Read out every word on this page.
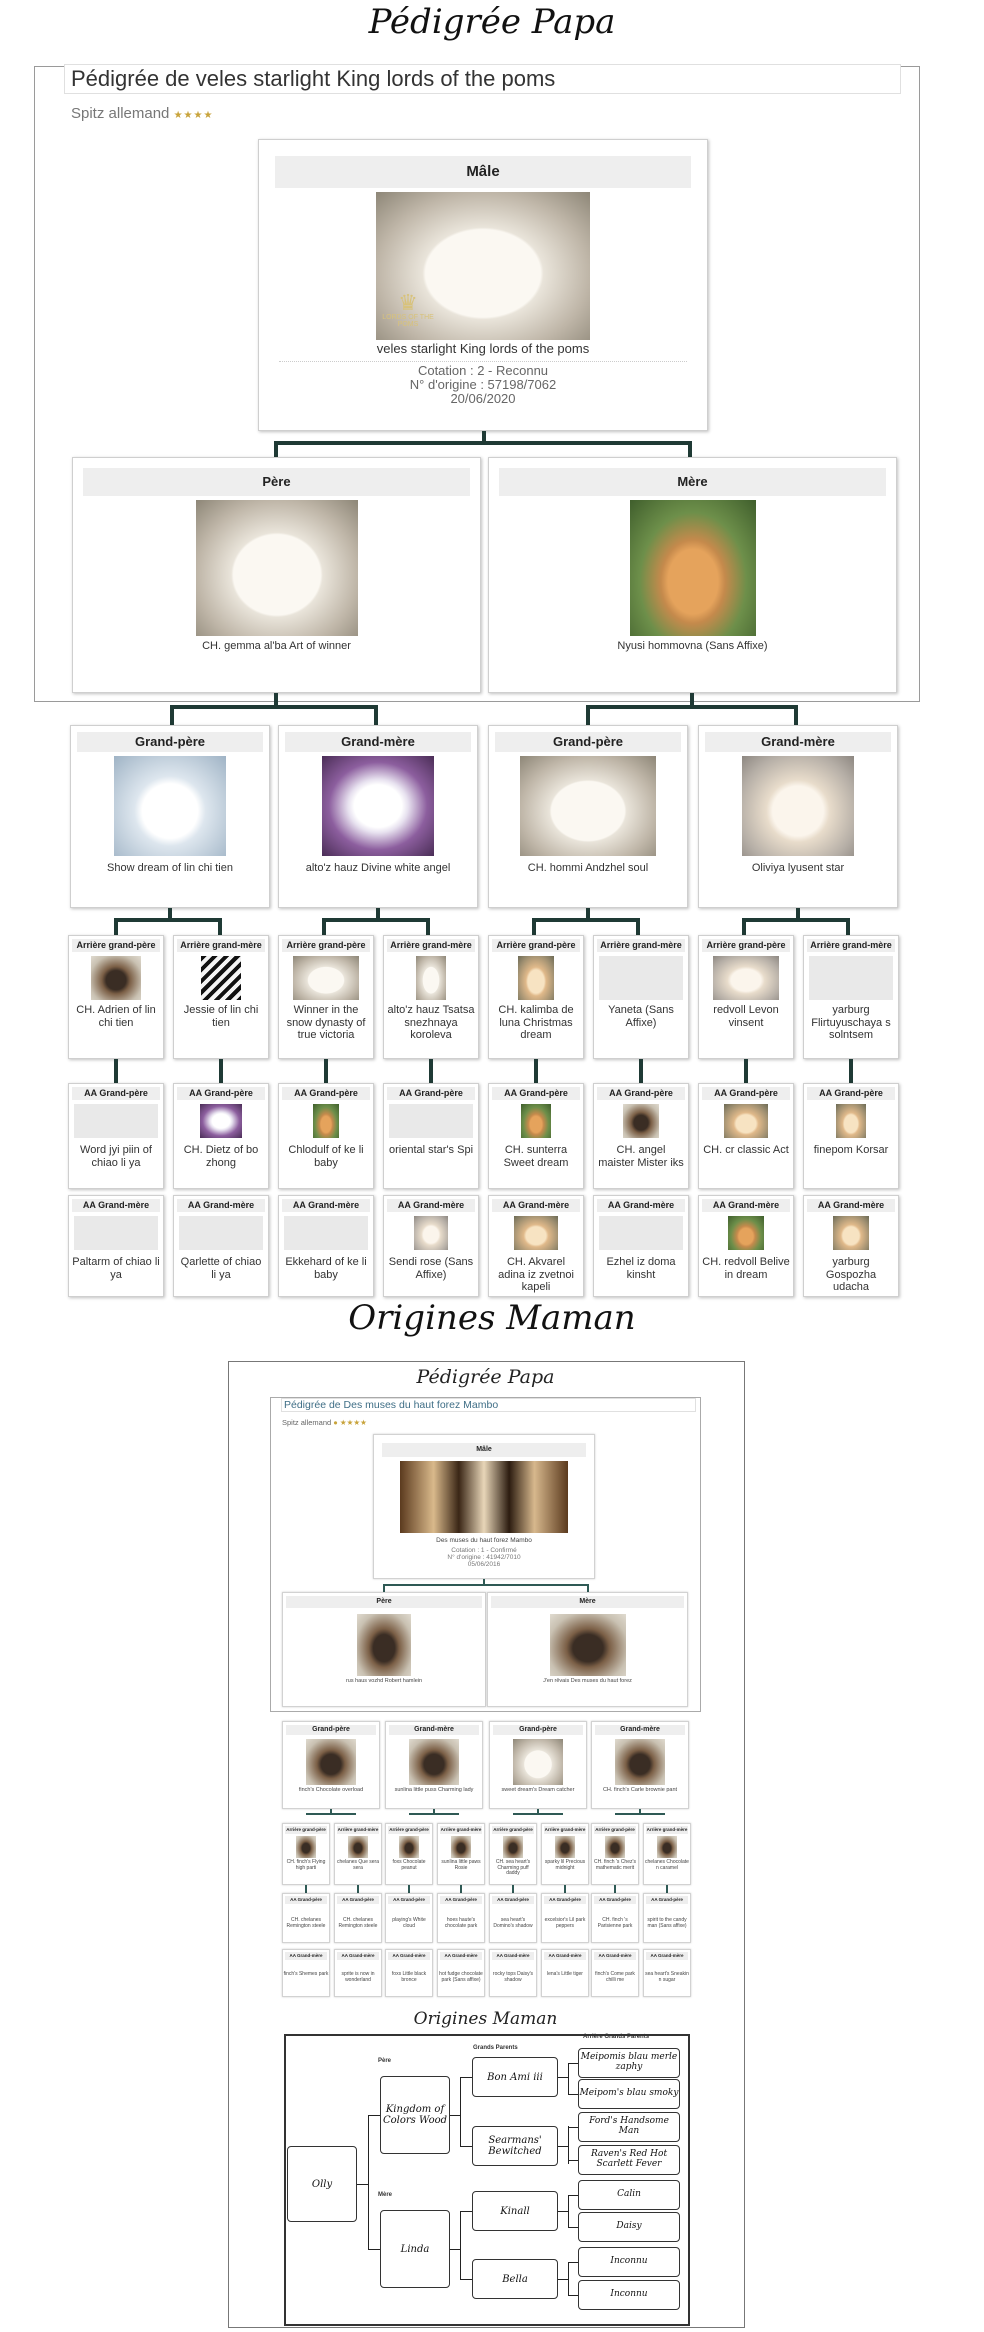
Pédigrée Papa
Pédigrée de veles starlight King lords of the poms
Spitz allemand ★★★★
Mâle
♛
LORDS OF THE POMS
veles starlight King lords of the poms
Cotation : 2 - Reconnu
N° d'origine : 57198/7062
20/06/2020
Père
CH. gemma al'ba Art of winner
Mère
Nyusi hommovna (Sans Affixe)
Grand-père
Show dream of lin chi tien
Grand-mère
alto'z hauz Divine white angel
Grand-père
CH. hommi Andzhel soul
Grand-mère
Oliviya lyusent star
Arrière grand-père
CH. Adrien of lin chi tien
Arrière grand-mère
Jessie of lin chi tien
Arrière grand-père
Winner in the snow dynasty of true victoria
Arrière grand-mère
alto'z hauz Tsatsa snezhnaya koroleva
Arrière grand-père
CH. kalimba de luna Christmas dream
Arrière grand-mère
Yaneta (Sans Affixe)
Arrière grand-père
redvoll Levon vinsent
Arrière grand-mère
yarburg Flirtuyuschaya s solntsem
AA Grand-père
Word jyi piin of chiao li ya
AA Grand-père
CH. Dietz of bo zhong
AA Grand-père
Chlodulf of ke li baby
AA Grand-père
oriental star's Spi
AA Grand-père
CH. sunterra Sweet dream
AA Grand-père
CH. angel maister Mister iks
AA Grand-père
CH. cr classic Act
AA Grand-père
finepom Korsar
AA Grand-mère
Paltarm of chiao li ya
AA Grand-mère
Qarlette of chiao li ya
AA Grand-mère
Ekkehard of ke li baby
AA Grand-mère
Sendi rose (Sans Affixe)
AA Grand-mère
CH. Akvarel adina iz zvetnoi kapeli
AA Grand-mère
Ezhel iz doma kinsht
AA Grand-mère
CH. redvoll Belive in dream
AA Grand-mère
yarburg Gospozha udacha
Origines Maman
Pédigrée Papa
Pédigrée de Des muses du haut forez Mambo
Spitz allemand ● ★★★★
Mâle
Des muses du haut forez Mambo
Cotation : 1 - Confirmé
N° d'origine : 41942/7010
05/06/2016
Père
rus haus vozhd Robert hamlein
Mère
J'en rêvais Des muses du haut forez
Grand-père
finch's Chocolate overload
Grand-mère
sunlina little puss Charming lady
Grand-père
sweet dream's Dream catcher
Grand-mère
CH. finch's Carle brownie pant
Arrière grand-père
CH. finch's Flying high parti
AA Grand-père
CH. chelanes Remington steele
AA Grand-mère
finch's Shemes park
Arrière grand-mère
chelanes Que sera sera
AA Grand-père
CH. chelanes Remington steele
AA Grand-mère
sprite is now in wonderland
Arrière grand-père
foxs Chocolate peanut
AA Grand-père
playing's White cloud
AA Grand-mère
foxs Little black bronce
Arrière grand-mère
sunlina little paws Rosie
AA Grand-père
hoes haute's chocolate park
AA Grand-mère
hot fudge chocolate park (Sans affixe)
Arrière grand-père
CH. sea heart's Charming puff daddy
AA Grand-père
sea heart's Domino's shadow
AA Grand-mère
rocky tops Daisy's shadow
Arrière grand-mère
sparky lil Precious midnight
AA Grand-père
excelsior's Lil park peppers
AA Grand-mère
lena's Little tiger
Arrière grand-père
CH. finch 's Chez's mathematic merit
AA Grand-père
CH. finch 's Parisienne park
AA Grand-mère
finch's Come park chilli me
Arrière grand-mère
chelanes Chocolate n caramel
AA Grand-père
spirit to the candy man (Sans affixe)
AA Grand-mère
sea heart's Sneakin n sugar
Origines Maman
Père
Mère
Grands Parents
Arrière Grands Parents
Olly
Kingdom of Colors Wood
Linda
Bon Ami iii
Searmans' Bewitched
Kinall
Bella
Meipomis blau merle zaphy
Meipom's blau smoky
Ford's Handsome Man
Raven's Red Hot Scarlett Fever
Calin
Daisy
Inconnu
Inconnu
